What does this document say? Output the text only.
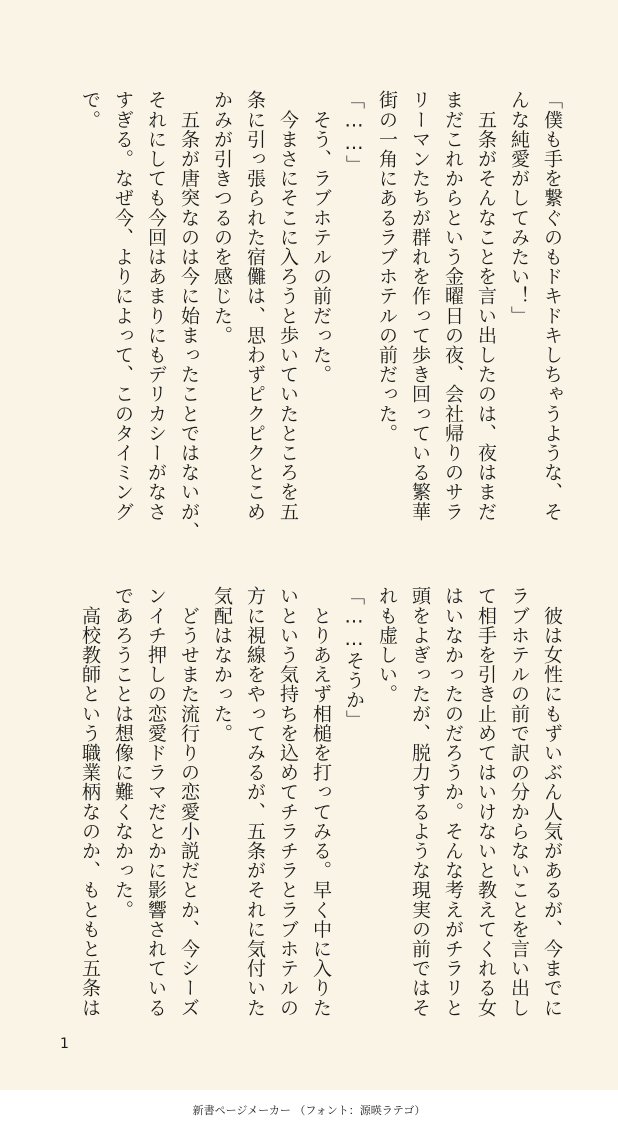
「僕も手を繋ぐのもドキドキしちゃうような、そ
んな純愛がしてみたい！」
　五条がそんなことを言い出したのは、夜はまだ
まだこれからという金曜日の夜、会社帰りのサラ
リーマンたちが群れを作って歩き回っている繁華
街の一角にあるラブホテルの前だった。
「……」
　そう、ラブホテルの前だった。
　今まさにそこに入ろうと歩いていたところを五
条に引っ張られた宿儺は、思わずピクピクとこめ
かみが引きつるのを感じた。
　五条が唐突なのは今に始まったことではないが、
それにしても今回はあまりにもデリカシーがなさ
すぎる。なぜ今、よりによって、このタイミング
で。
　彼は女性にもずいぶん人気があるが、今までに
ラブホテルの前で訳の分からないことを言い出し
て相手を引き止めてはいけないと教えてくれる女
はいなかったのだろうか。そんな考えがチラリと
頭をよぎったが、脱力するような現実の前ではそ
れも虚しい。
「……そうか」
　とりあえず相槌を打ってみる。早く中に入りた
いという気持ちを込めてチラチラとラブホテルの
方に視線をやってみるが、五条がそれに気付いた
気配はなかった。
　どうせまた流行りの恋愛小説だとか、今シーズ
ンイチ押しの恋愛ドラマだとかに影響されている
であろうことは想像に難くなかった。
　高校教師という職業柄なのか、もともと五条は
1
新書ページメーカー （フォント：源暎ラテゴ）
